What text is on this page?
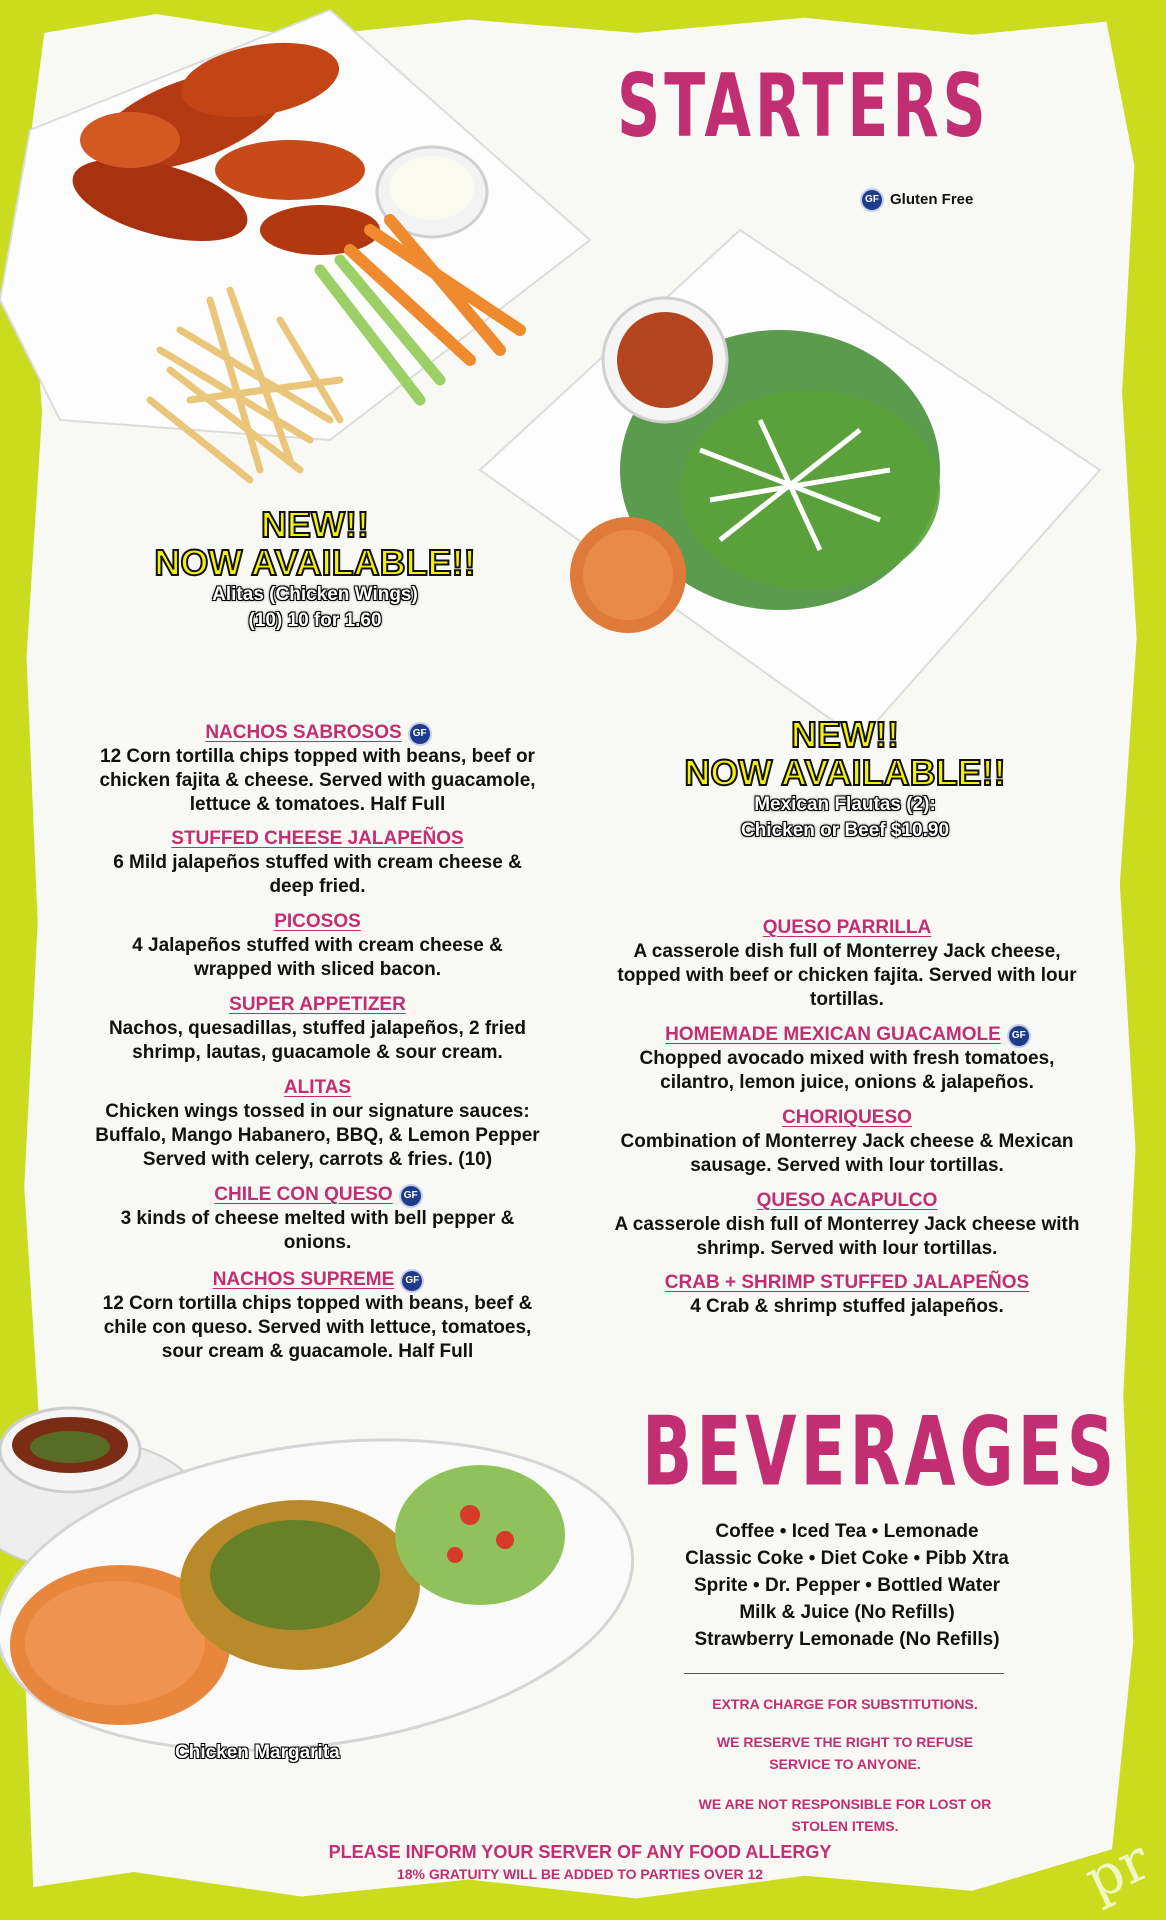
STARTERS
GF Gluten Free
NEW!!
NOW AVAILABLE!!
Alitas (Chicken Wings)
(10) 10 for 1.60
NEW!!
NOW AVAILABLE!!
Mexican Flautas (2):
Chicken or Beef $10.90
NACHOS SABROSOS GF
12 Corn tortilla chips topped with beans, beef or chicken fajita & cheese. Served with guacamole, lettuce & tomatoes. Half Full
STUFFED CHEESE JALAPEÑOS
6 Mild jalapeños stuffed with cream cheese & deep fried.
PICOSOS
4 Jalapeños stuffed with cream cheese & wrapped with sliced bacon.
SUPER APPETIZER
Nachos, quesadillas, stuffed jalapeños, 2 fried shrimp, lautas, guacamole & sour cream.
ALITAS
Chicken wings tossed in our signature sauces: Buffalo, Mango Habanero, BBQ, & Lemon Pepper Served with celery, carrots & fries. (10)
CHILE CON QUESO GF
3 kinds of cheese melted with bell pepper & onions.
NACHOS SUPREME GF
12 Corn tortilla chips topped with beans, beef & chile con queso. Served with lettuce, tomatoes, sour cream & guacamole. Half Full
QUESO PARRILLA
A casserole dish full of Monterrey Jack cheese, topped with beef or chicken fajita. Served with lour tortillas.
HOMEMADE MEXICAN GUACAMOLE GF
Chopped avocado mixed with fresh tomatoes, cilantro, lemon juice, onions & jalapeños.
CHORIQUESO
Combination of Monterrey Jack cheese & Mexican sausage. Served with lour tortillas.
QUESO ACAPULCO
A casserole dish full of Monterrey Jack cheese with shrimp. Served with lour tortillas.
CRAB + SHRIMP STUFFED JALAPEÑOS
4 Crab & shrimp stuffed jalapeños.
BEVERAGES
Coffee • Iced Tea • Lemonade
Classic Coke • Diet Coke • Pibb Xtra
Sprite • Dr. Pepper • Bottled Water
Milk & Juice (No Refills)
Strawberry Lemonade (No Refills)
EXTRA CHARGE FOR SUBSTITUTIONS.
WE RESERVE THE RIGHT TO REFUSE SERVICE TO ANYONE.
WE ARE NOT RESPONSIBLE FOR LOST OR STOLEN ITEMS.
PLEASE INFORM YOUR SERVER OF ANY FOOD ALLERGY
18% GRATUITY WILL BE ADDED TO PARTIES OVER 12
Chicken Margarita
pr
